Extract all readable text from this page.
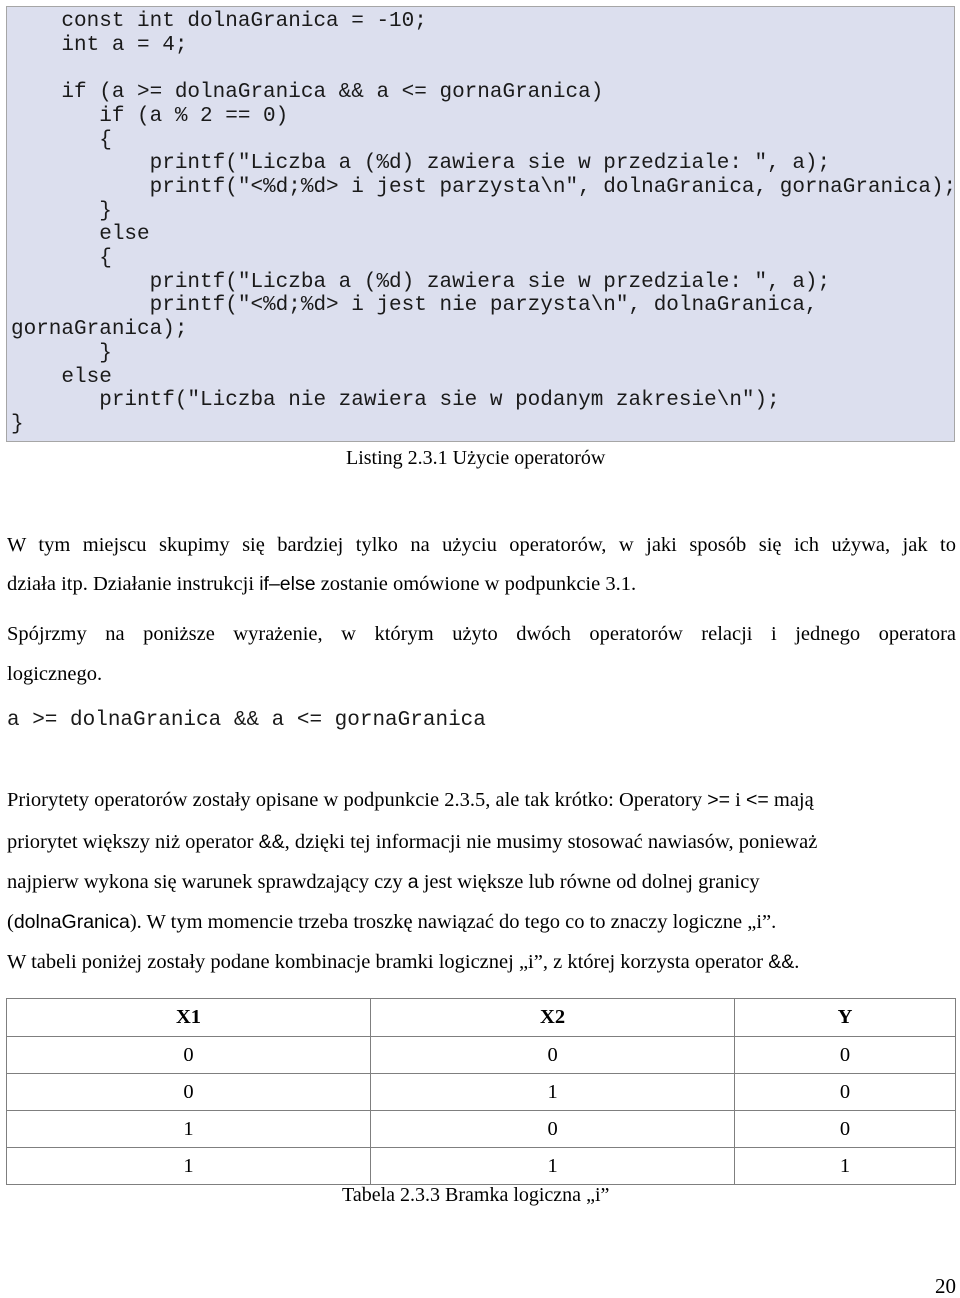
const int dolnaGranica = -10;
int a = 4;
if (a >= dolnaGranica && a <= gornaGranica)
if (a % 2 == 0)
{
printf("Liczba a (%d) zawiera sie w przedziale: ", a);
printf("<%d;%d> i jest parzysta\n", dolnaGranica, gornaGranica);
}
else
{
printf("Liczba a (%d) zawiera sie w przedziale: ", a);
printf("<%d;%d> i jest nie parzysta\n", dolnaGranica,
gornaGranica);
}
else
printf("Liczba nie zawiera sie w podanym zakresie\n");
}
Listing 2.3.1 Użycie operatorów
W tym miejscu skupimy się bardziej tylko na użyciu operatorów, w jaki sposób się ich używa, jak to
działa itp. Działanie instrukcji if–else zostanie omówione w podpunkcie 3.1.
Spójrzmy na poniższe wyrażenie, w którym użyto dwóch operatorów relacji i jednego operatora
logicznego.
a >= dolnaGranica && a <= gornaGranica
Priorytety operatorów zostały opisane w podpunkcie 2.3.5, ale tak krótko: Operatory >= i <= mają
priorytet większy niż operator &&, dzięki tej informacji nie musimy stosować nawiasów, ponieważ
najpierw wykona się warunek sprawdzający czy a jest większe lub równe od dolnej granicy
(dolnaGranica). W tym momencie trzeba troszkę nawiązać do tego co to znaczy logiczne „i”.
W tabeli poniżej zostały podane kombinacje bramki logicznej „i”, z której korzysta operator &&.
X1	X2	Y
0	0	0
0	1	0
1	0	0
1	1	1
Tabela 2.3.3 Bramka logiczna „i”
20
